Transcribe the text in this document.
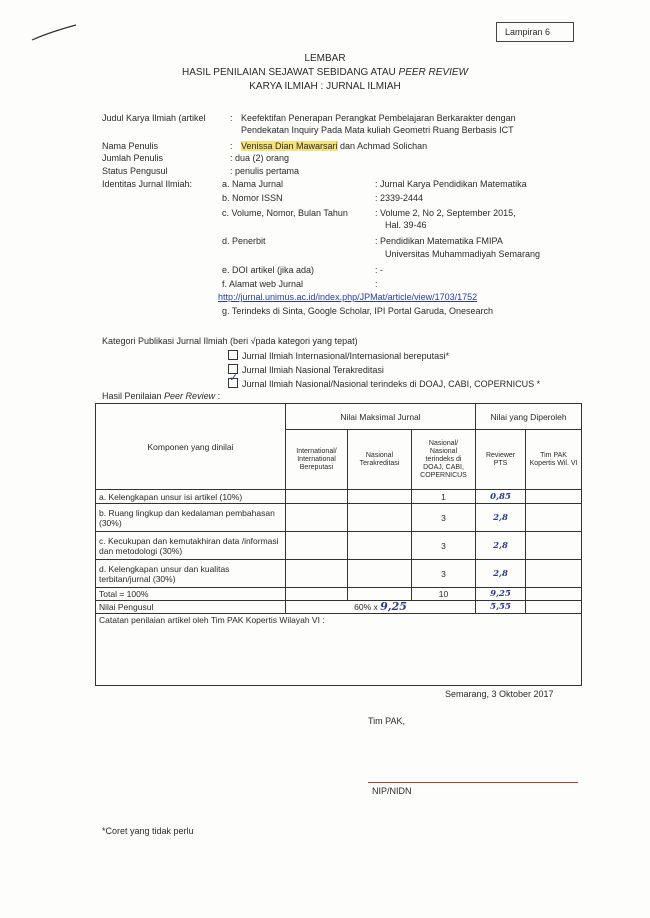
Lampiran 6
LEMBAR
HASIL PENILAIAN SEJAWAT SEBIDANG ATAU PEER REVIEW
KARYA ILMIAH : JURNAL ILMIAH
Judul Karya Ilmiah (artikel	: Keefektifan Penerapan Perangkat Pembelajaran Berkarakter dengan
Pendekatan Inquiry Pada Mata kuliah Geometri Ruang Berbasis ICT
Nama Penulis	: Venissa Dian Mawarsari dan Achmad Solichan
Jumlah Penulis	: dua (2) orang
Status Pengusul	: penulis pertama
Identitas Jurnal Ilmiah:	a. Nama Jurnal	: Jurnal Karya Pendidikan Matematika
b. Nomor ISSN	: 2339-2444
c. Volume, Nomor, Bulan Tahun	: Volume 2, No 2, September 2015,
Hal. 39-46
d. Penerbit	: Pendidikan Matematika FMIPA
Universitas Muhammadiyah Semarang
e. DOI artikel (jika ada)	: -
f. Alamat web Jurnal	:
http://jurnal.unimus.ac.id/index.php/JPMat/article/view/1703/1752
g. Terindeks di Sinta, Google Scholar, IPI Portal Garuda, Onesearch
Kategori Publikasi Jurnal Ilmiah (beri √pada kategori yang tepat)
Jurnal Ilmiah Internasional/Internasional bereputasi*
Jurnal Ilmiah Nasional Terakreditasi
✓Jurnal Ilmiah Nasional/Nasional terindeks di DOAJ, CABI, COPERNICUS *
Hasil Penilaian Peer Review :
Komponen yang dinilai	Nilai Maksimal Jurnal			Nilai yang Diperoleh	
	International/ International Bereputasi	Nasional Terakreditasi	Nasional/ Nasional terindeks di DOAJ, CABI, COPERNICUS	Reviewer PTS	Tim PAK Kopertis Wil. VI
a. Kelengkapan unsur isi artikel (10%)			1	0,85	
b. Ruang lingkup dan kedalaman pembahasan (30%)			3	2,8	
c. Kecukupan dan kemutakhiran data /informasi dan metodologi (30%)			3	2,8	
d. Kelengkapan unsur dan kualitas terbitan/jurnal (30%)			3	2,8	
Total = 100%			10	9,25	
Nilai Pengusul	60% x 9,25			5,55	
Catatan penilaian artikel oleh Tim PAK Kopertis Wilayah VI :					
Semarang, 3 Oktober 2017
Tim PAK,
NIP/NIDN
*Coret yang tidak perlu
